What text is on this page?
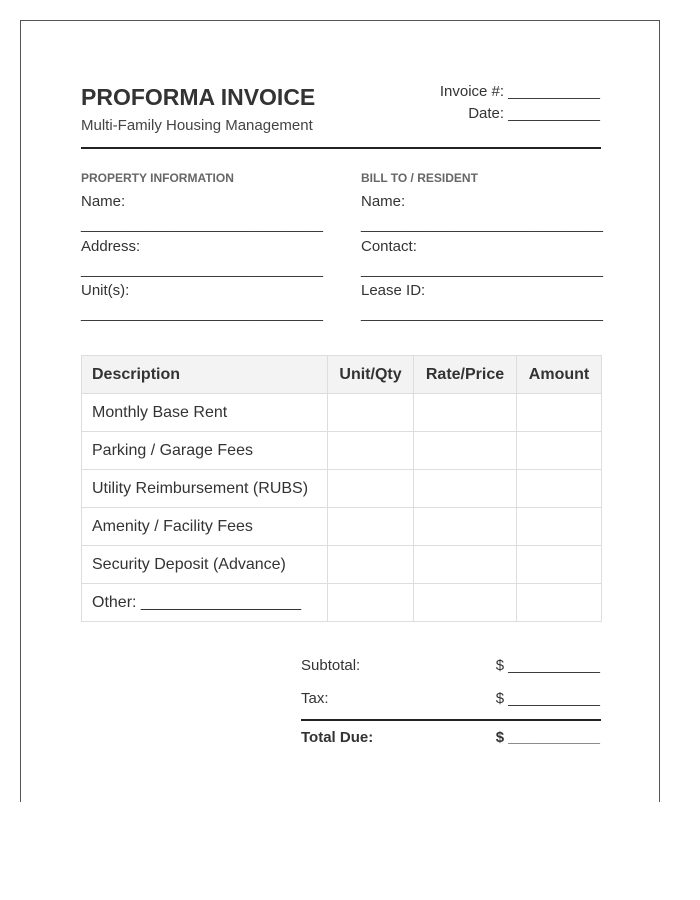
PROFORMA INVOICE
Multi-Family Housing Management
Invoice #: ___________
Date: ___________
PROPERTY INFORMATION
Name:
_____________________________
Address:
_____________________________
Unit(s):
_____________________________
BILL TO / RESIDENT
Name:
_____________________________
Contact:
_____________________________
Lease ID:
_____________________________
Description	Unit/Qty	Rate/Price	Amount
Monthly Base Rent			
Parking / Garage Fees			
Utility Reimbursement (RUBS)			
Amenity / Facility Fees			
Security Deposit (Advance)			
Other: __________________			
Subtotal:	$ ___________
Tax:	$ ___________
Total Due:	$ ___________
